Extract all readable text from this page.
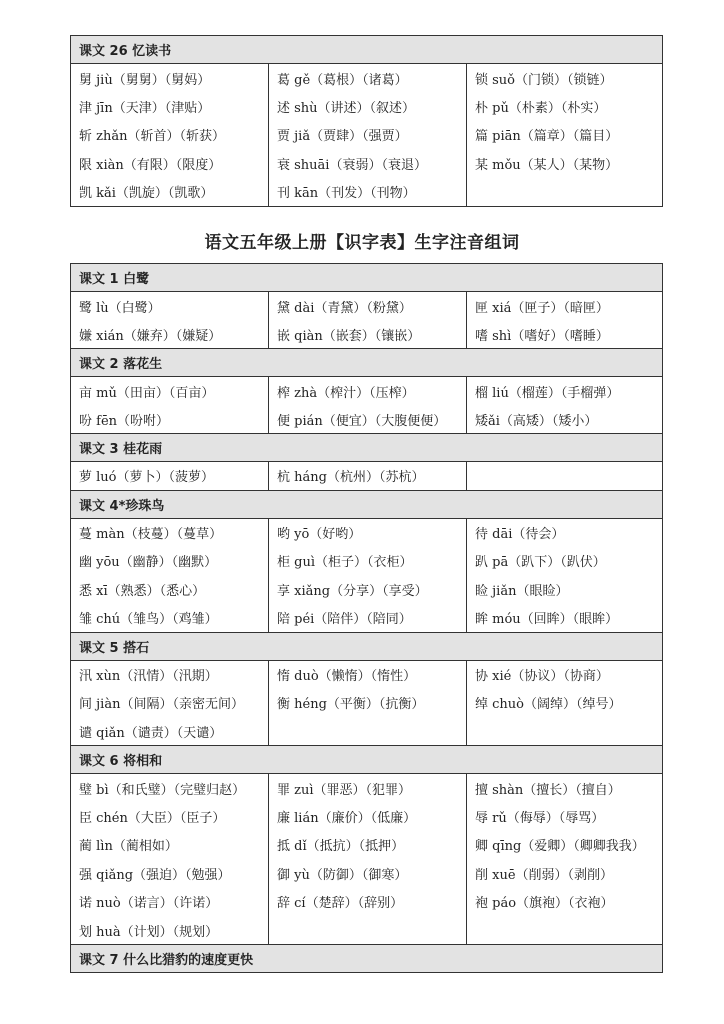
课文 26 忆读书		
舅 jiù（舅舅）（舅妈）	葛 gě（葛根）（诸葛）	锁 suǒ（门锁）（锁链）
津 jīn（天津）（津贴）	述 shù（讲述）（叙述）	朴 pǔ（朴素）（朴实）
斩 zhǎn（斩首）（斩获）	贾 jiǎ（贾肆）（强贾）	篇 piān（篇章）（篇目）
限 xiàn（有限）（限度）	衰 shuāi（衰弱）（衰退）	某 mǒu（某人）（某物）
凯 kǎi（凯旋）（凯歌）	刊 kān（刊发）（刊物）	
语文五年级上册【识字表】生字注音组词
课文 1 白鹭		
鹭 lù（白鹭）	黛 dài（青黛）（粉黛）	匣 xiá（匣子）（暗匣）
嫌 xián（嫌弃）（嫌疑）	嵌 qiàn（嵌套）（镶嵌）	嗜 shì（嗜好）（嗜睡）
课文 2 落花生		
亩 mǔ（田亩）（百亩）	榨 zhà（榨汁）（压榨）	榴 liú（榴莲）（手榴弹）
吩 fēn（吩咐）	便 pián（便宜）（大腹便便）	矮ǎi（高矮）（矮小）
课文 3 桂花雨		
萝 luó（萝卜）（菠萝）	杭 háng（杭州）（苏杭）	
课文 4*珍珠鸟		
蔓 màn（枝蔓）（蔓草）	哟 yō（好哟）	待 dāi（待会）
幽 yōu（幽静）（幽默）	柜 guì（柜子）（衣柜）	趴 pā（趴下）（趴伏）
悉 xī（熟悉）（悉心）	享 xiǎng（分享）（享受）	睑 jiǎn（眼睑）
雏 chú（雏鸟）（鸡雏）	陪 péi（陪伴）（陪同）	眸 móu（回眸）（眼眸）
课文 5 搭石		
汛 xùn（汛情）（汛期）	惰 duò（懒惰）（惰性）	协 xié（协议）（协商）
间 jiàn（间隔）（亲密无间）	衡 héng（平衡）（抗衡）	绰 chuò（阔绰）（绰号）
谴 qiǎn（谴责）（天谴）		
课文 6 将相和		
璧 bì（和氏璧）（完璧归赵）	罪 zuì（罪恶）（犯罪）	擅 shàn（擅长）（擅自）
臣 chén（大臣）（臣子）	廉 lián（廉价）（低廉）	辱 rǔ（侮辱）（辱骂）
蔺 lìn（蔺相如）	抵 dǐ（抵抗）（抵押）	卿 qīng（爱卿）（卿卿我我）
强 qiǎng（强迫）（勉强）	御 yù（防御）（御寒）	削 xuē（削弱）（剥削）
诺 nuò（诺言）（许诺）	辞 cí（楚辞）（辞别）	袍 páo（旗袍）（衣袍）
划 huà（计划）（规划）		
课文 7 什么比猎豹的速度更快		
